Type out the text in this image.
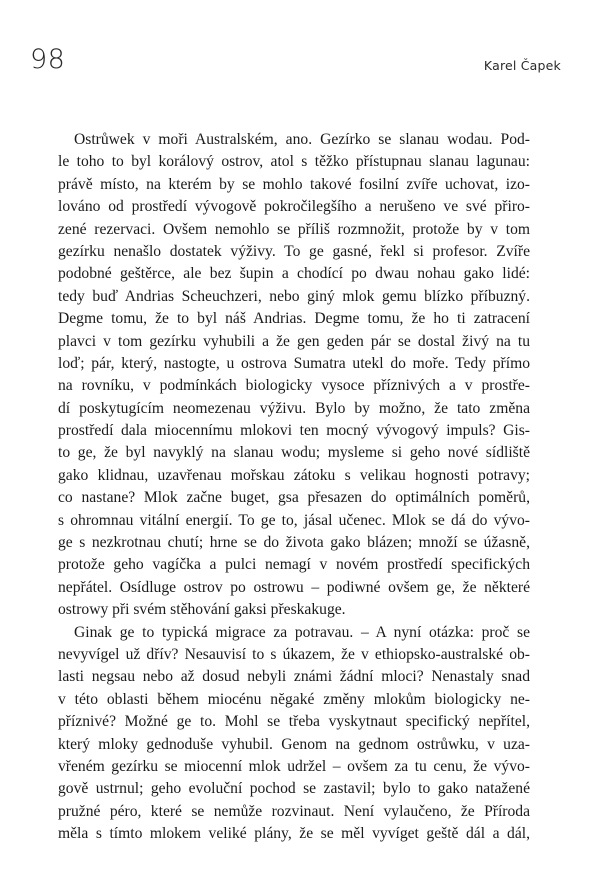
98	Karel Čapek
Ostrůwek v moři Australském, ano. Gezírko se slanau wodau. Pod-
le toho to byl korálový ostrov, atol s těžko přístupnau slanau lagunau:
právě místo, na kterém by se mohlo takové fosilní zvíře uchovat, izo-
lováno od prostředí vývogově pokročilegšího a nerušeno ve své přiro-
zené rezervaci. Ovšem nemohlo se příliš rozmnožit, protože by v tom
gezírku nenašlo dostatek výživy. To ge gasné, řekl si profesor. Zvíře
podobné geštěrce, ale bez šupin a chodící po dwau nohau gako lidé:
tedy buď Andrias Scheuchzeri, nebo giný mlok gemu blízko příbuzný.
Degme tomu, že to byl náš Andrias. Degme tomu, že ho ti zatracení
plavci v tom gezírku vyhubili a že gen geden pár se dostal živý na tu
loď; pár, který, nastogte, u ostrova Sumatra utekl do moře. Tedy přímo
na rovníku, v podmínkách biologicky vysoce příznivých a v prostře-
dí poskytugícím neomezenau výživu. Bylo by možno, že tato změna
prostředí dala miocennímu mlokovi ten mocný vývogový impuls? Gis-
to ge, že byl navyklý na slanau wodu; mysleme si geho nové sídliště
gako klidnau, uzavřenau mořskau zátoku s velikau hognosti potravy;
co nastane? Mlok začne buget, gsa přesazen do optimálních poměrů,
s ohromnau vitální energií. To ge to, jásal učenec. Mlok se dá do vývo-
ge s nezkrotnau chutí; hrne se do života gako blázen; množí se úžasně,
protože geho vagíčka a pulci nemagí v novém prostředí specifických
nepřátel. Osídluge ostrov po ostrowu – podiwné ovšem ge, že některé
ostrowy při svém stěhování gaksi přeskakuge.
Ginak ge to typická migrace za potravau. – A nyní otázka: proč se
nevyvígel už dřív? Nesauvisí to s úkazem, že v ethiopsko-australské ob-
lasti negsau nebo až dosud nebyli známi žádní mloci? Nenastaly snad
v této oblasti během miocénu nĕgaké změny mlokům biologicky ne-
příznivé? Možné ge to. Mohl se třeba vyskytnaut specifický nepřítel,
který mloky gednoduše vyhubil. Genom na gednom ostrůwku, v uza-
vřeném gezírku se miocenní mlok udržel – ovšem za tu cenu, že vývo-
gově ustrnul; geho evoluční pochod se zastavil; bylo to gako natažené
pružné péro, které se nemůže rozvinaut. Není vylaučeno, že Příroda
měla s tímto mlokem veliké plány, že se měl vyvíget geště dál a dál,
